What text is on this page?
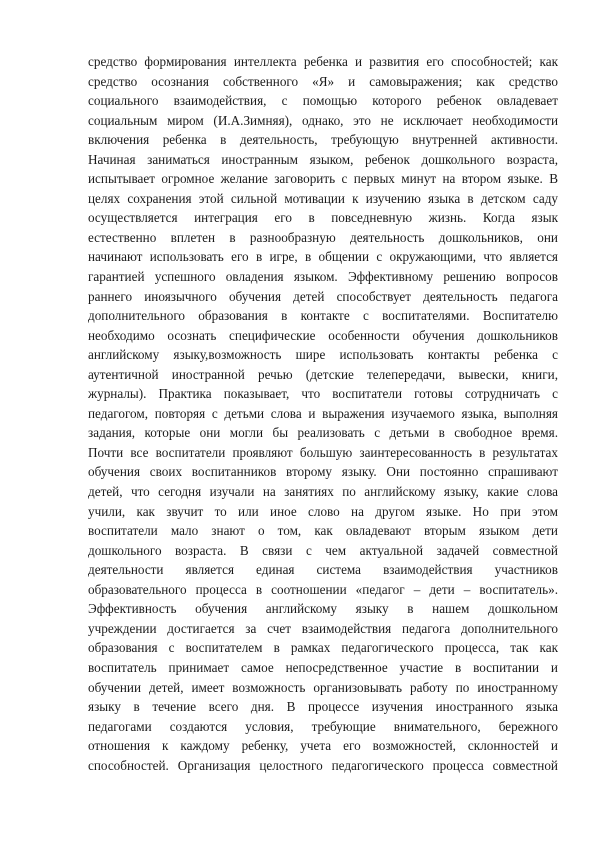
средство формирования интеллекта ребенка и развития его способностей; как
средство осознания собственного «Я» и самовыражения; как средство
социального взаимодействия, с помощью которого ребенок овладевает
социальным миром (И.А.Зимняя), однако, это не исключает необходимости
включения ребенка в деятельность, требующую внутренней активности.
Начиная заниматься иностранным языком, ребенок дошкольного возраста,
испытывает огромное желание заговорить с первых минут на втором языке. В
целях сохранения этой сильной мотивации к изучению языка в детском саду
осуществляется интеграция его в повседневную жизнь. Когда язык
естественно вплетен в разнообразную деятельность дошкольников, они
начинают использовать его в игре, в общении с окружающими, что является
гарантией успешного овладения языком. Эффективному решению вопросов
раннего иноязычного обучения детей способствует деятельность педагога
дополнительного образования в контакте с воспитателями. Воспитателю
необходимо осознать специфические особенности обучения дошкольников
английскому языку,возможность шире использовать контакты ребенка с
аутентичной иностранной речью (детские телепередачи, вывески, книги,
журналы). Практика показывает, что воспитатели готовы сотрудничать с
педагогом, повторяя с детьми слова и выражения изучаемого языка, выполняя
задания, которые они могли бы реализовать с детьми в свободное время.
Почти все воспитатели проявляют большую заинтересованность в результатах
обучения своих воспитанников второму языку. Они постоянно спрашивают
детей, что сегодня изучали на занятиях по английскому языку, какие слова
учили, как звучит то или иное слово на другом языке. Но при этом
воспитатели мало знают о том, как овладевают вторым языком дети
дошкольного возраста. В связи с чем актуальной задачей совместной
деятельности является единая система взаимодействия участников
образовательного процесса в соотношении «педагог – дети – воспитатель».
Эффективность обучения английскому языку в нашем дошкольном
учреждении достигается за счет взаимодействия педагога дополнительного
образования с воспитателем в рамках педагогического процесса, так как
воспитатель принимает самое непосредственное участие в воспитании и
обучении детей, имеет возможность организовывать работу по иностранному
языку в течение всего дня. В процессе изучения иностранного языка
педагогами создаются условия, требующие внимательного, бережного
отношения к каждому ребенку, учета его возможностей, склонностей и
способностей. Организация целостного педагогического процесса совместной
